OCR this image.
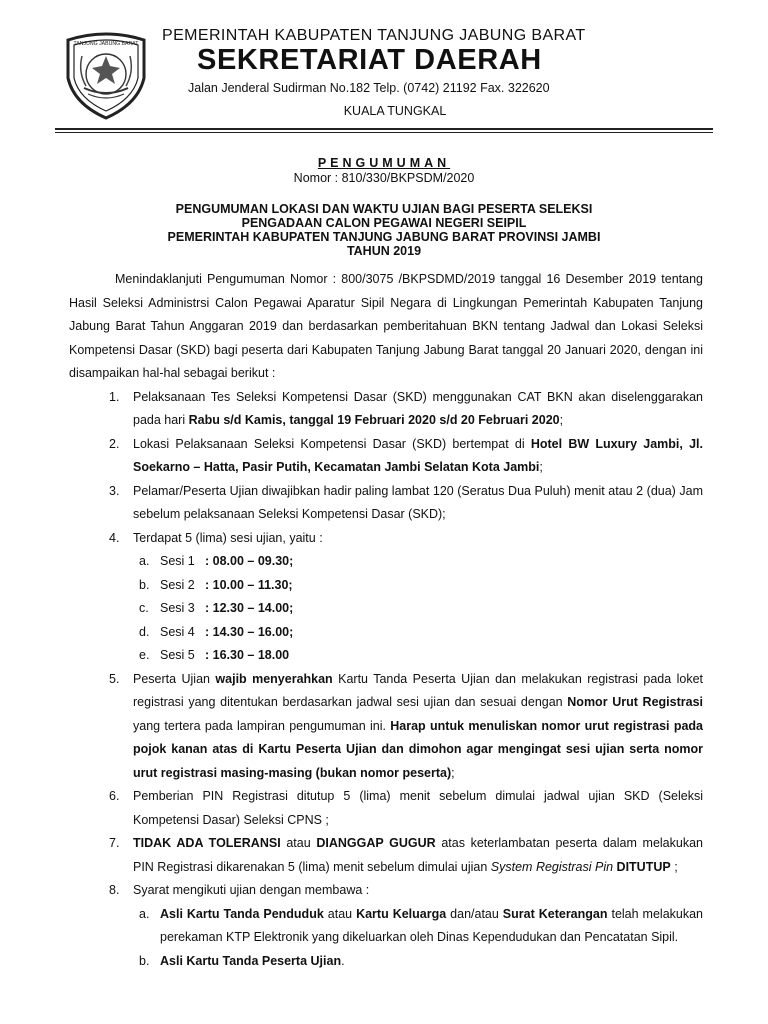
TANJUNG JABUNG BARAT PEMERINTAH KABUPATEN TANJUNG JABUNG BARAT
SEKRETARIAT DAERAH
Jalan Jenderal Sudirman No.182 Telp. (0742) 21192 Fax. 322620
KUALA TUNGKAL
PENGUMUMAN
Nomor : 810/330/BKPSDM/2020
PENGUMUMAN LOKASI DAN WAKTU UJIAN BAGI PESERTA SELEKSI
PENGADAAN CALON PEGAWAI NEGERI SEIPIL
PEMERINTAH KABUPATEN TANJUNG JABUNG BARAT PROVINSI JAMBI
TAHUN 2019

Menindaklanjuti Pengumuman Nomor : 800/3075 /BKPSDMD/2019 tanggal 16 Desember 2019 tentang Hasil Seleksi Administrsi Calon Pegawai Aparatur Sipil Negara di Lingkungan Pemerintah Kabupaten Tanjung Jabung Barat Tahun Anggaran 2019 dan berdasarkan pemberitahuan BKN tentang Jadwal dan Lokasi Seleksi Kompetensi Dasar (SKD) bagi peserta dari Kabupaten Tanjung Jabung Barat tanggal 20 Januari 2020, dengan ini disampaikan hal-hal sebagai berikut :

1. Pelaksanaan Tes Seleksi Kompetensi Dasar (SKD) menggunakan CAT BKN akan diselenggarakan pada hari Rabu s/d Kamis, tanggal 19 Februari 2020 s/d 20 Februari 2020;
2. Lokasi Pelaksanaan Seleksi Kompetensi Dasar (SKD) bertempat di Hotel BW Luxury Jambi, Jl. Soekarno – Hatta, Pasir Putih, Kecamatan Jambi Selatan Kota Jambi;
3. Pelamar/Peserta Ujian diwajibkan hadir paling lambat 120 (Seratus Dua Puluh) menit atau 2 (dua) Jam sebelum pelaksanaan Seleksi Kompetensi Dasar (SKD);
4. Terdapat 5 (lima) sesi ujian, yaitu :
a. Sesi 1 : 08.00 – 09.30;
b. Sesi 2 : 10.00 – 11.30;
c. Sesi 3 : 12.30 – 14.00;
d. Sesi 4 : 14.30 – 16.00;
e. Sesi 5 : 16.30 – 18.00
5. Peserta Ujian wajib menyerahkan Kartu Tanda Peserta Ujian dan melakukan registrasi pada loket registrasi yang ditentukan berdasarkan jadwal sesi ujian dan sesuai dengan Nomor Urut Registrasi yang tertera pada lampiran pengumuman ini. Harap untuk menuliskan nomor urut registrasi pada pojok kanan atas di Kartu Peserta Ujian dan dimohon agar mengingat sesi ujian serta nomor urut registrasi masing-masing (bukan nomor peserta);
6. Pemberian PIN Registrasi ditutup 5 (lima) menit sebelum dimulai jadwal ujian SKD (Seleksi Kompetensi Dasar) Seleksi CPNS ;
7. TIDAK ADA TOLERANSI atau DIANGGAP GUGUR atas keterlambatan peserta dalam melakukan PIN Registrasi dikarenakan 5 (lima) menit sebelum dimulai ujian System Registrasi Pin DITUTUP ;
8. Syarat mengikuti ujian dengan membawa :
a. Asli Kartu Tanda Penduduk atau Kartu Keluarga dan/atau Surat Keterangan telah melakukan perekaman KTP Elektronik yang dikeluarkan oleh Dinas Kependudukan dan Pencatatan Sipil.
b. Asli Kartu Tanda Peserta Ujian.
